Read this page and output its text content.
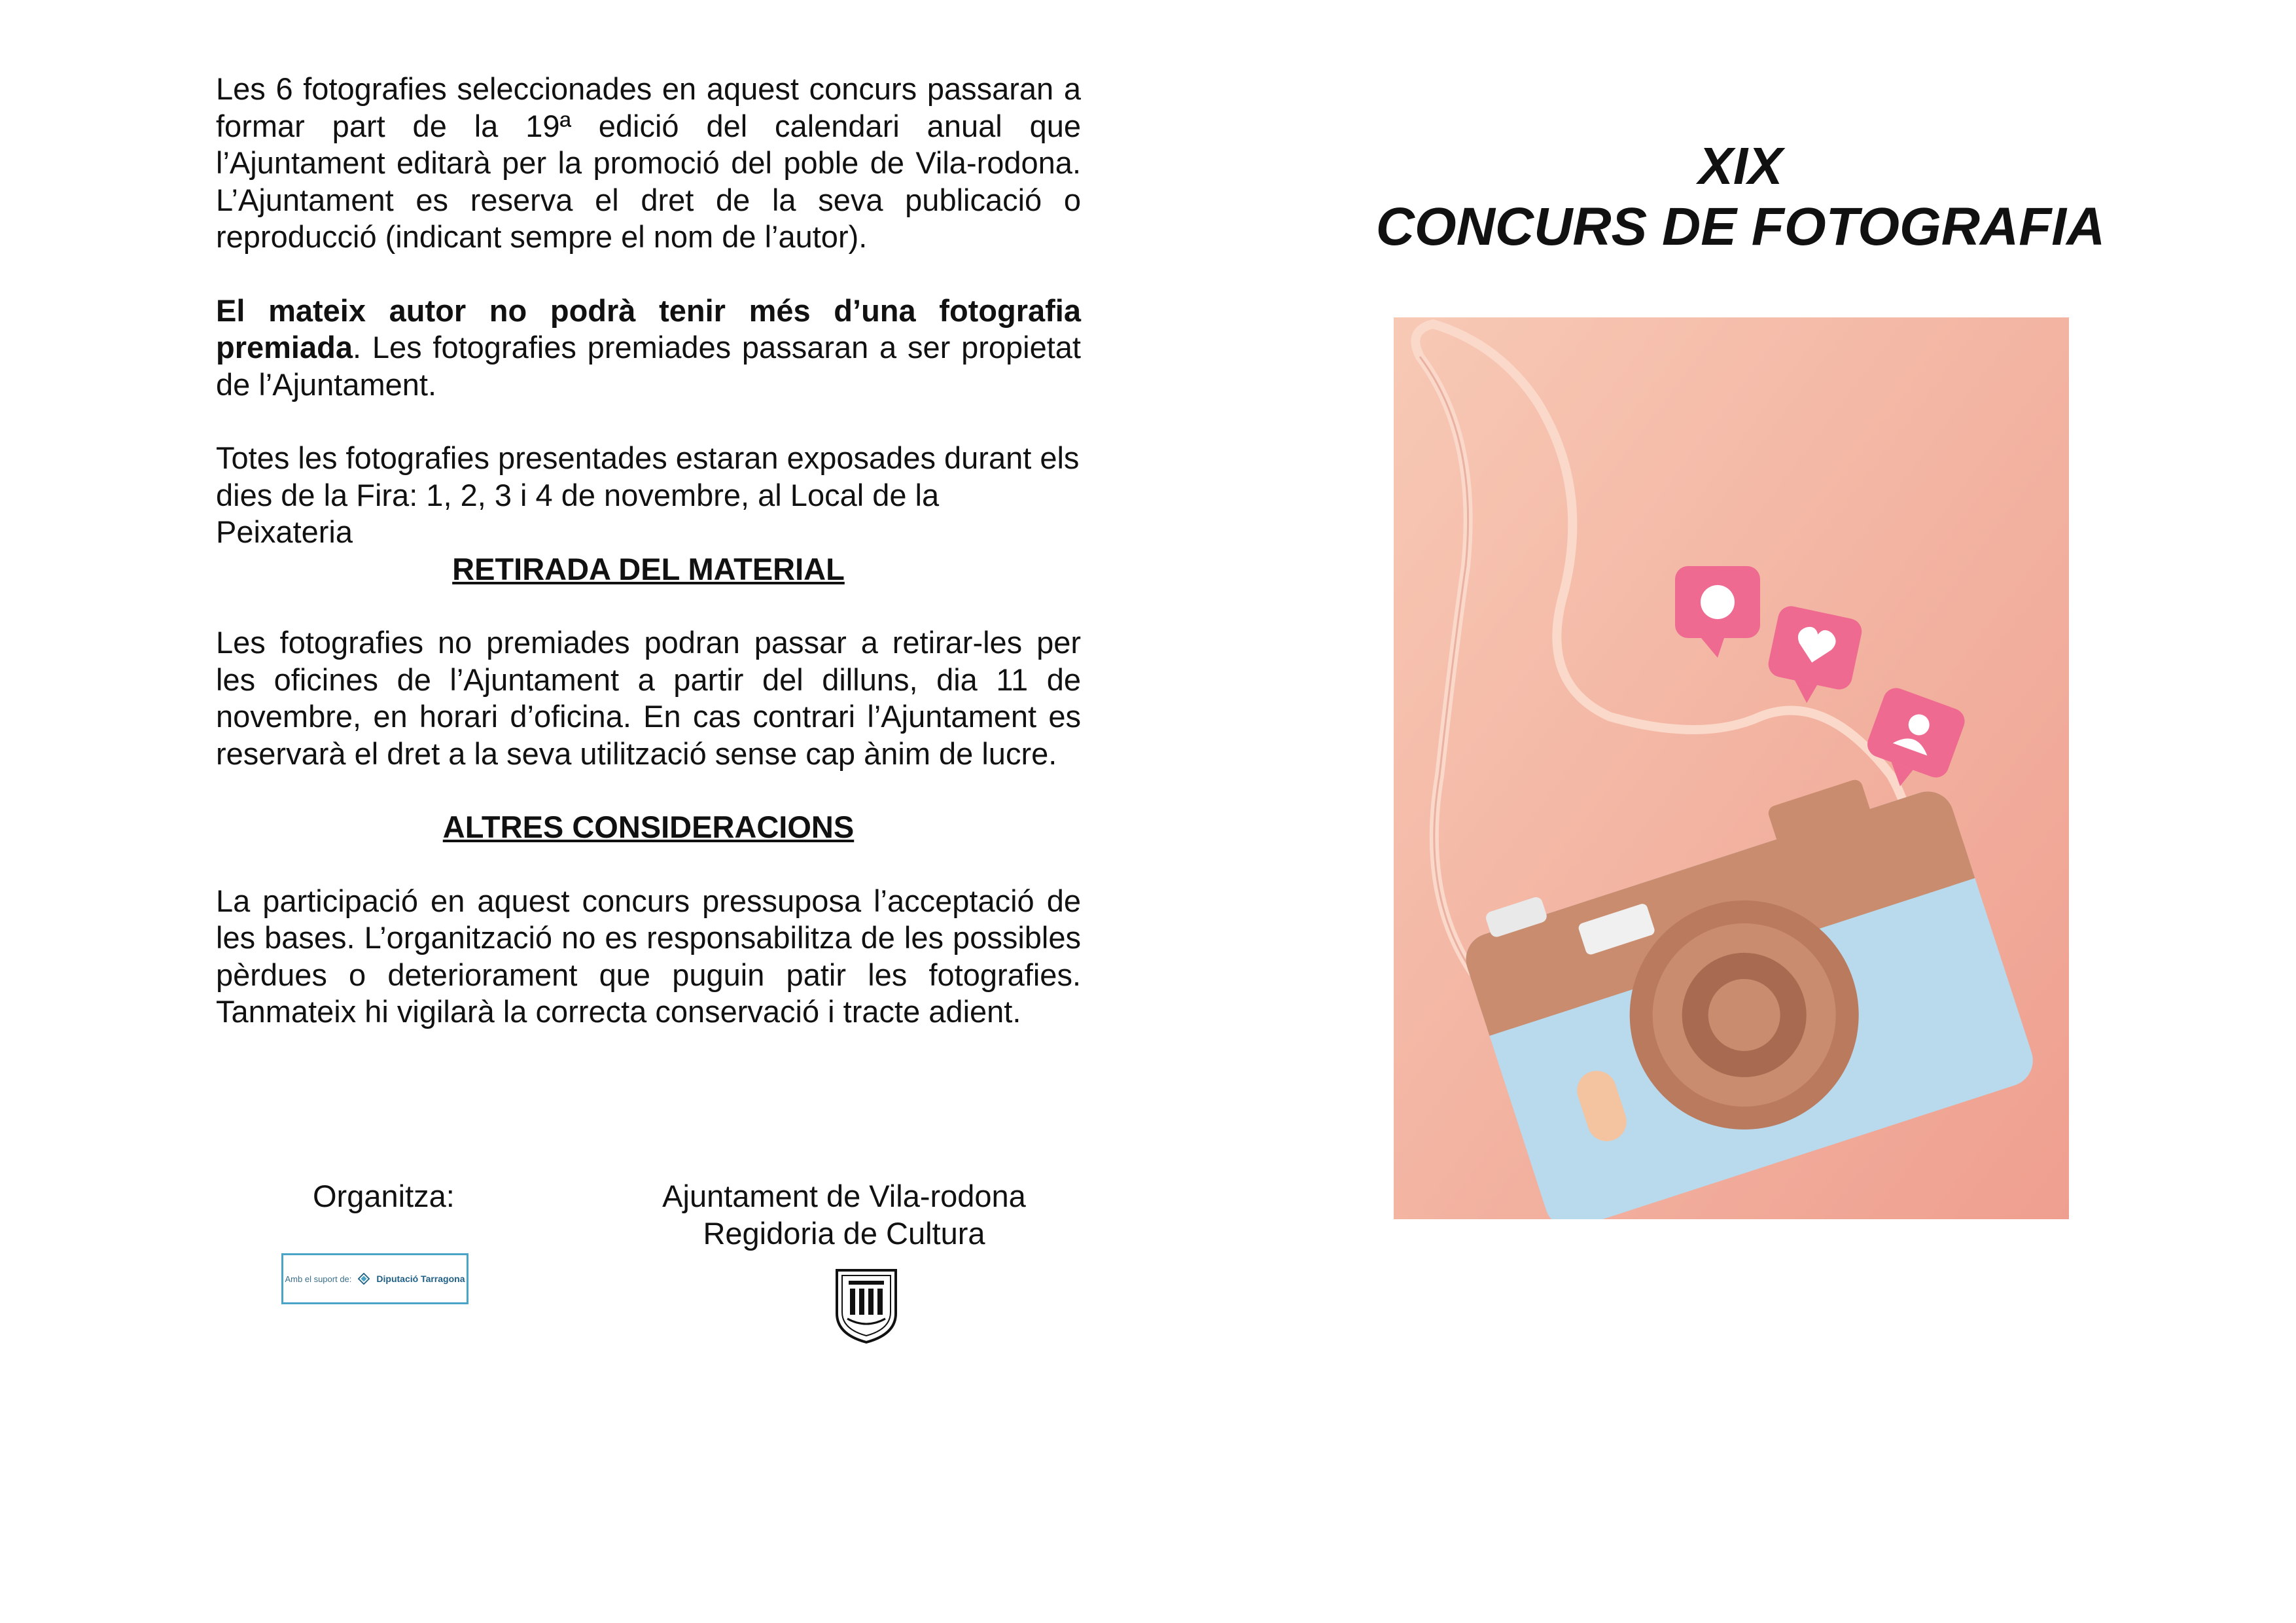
Les 6 fotografies seleccionades en aquest concurs passaran a formar part de la 19ª edició del calendari anual que l’Ajuntament editarà per la promoció del poble de Vila-rodona. L’Ajuntament es reserva el dret de la seva publicació o reproducció (indicant sempre el nom de l’autor).

El mateix autor no podrà tenir més d’una fotografia premiada. Les fotografies premiades passaran a ser propietat de l’Ajuntament.

Totes les fotografies presentades estaran exposades durant els dies de la Fira: 1, 2, 3 i 4 de novembre, al Local de la Peixateria

RETIRADA DEL MATERIAL

Les fotografies no premiades podran passar a retirar-les per les oficines de l’Ajuntament a partir del dilluns, dia 11 de novembre, en horari d’oficina. En cas contrari l’Ajuntament es reservarà el dret a la seva utilització sense cap ànim de lucre.

ALTRES CONSIDERACIONS

La participació en aquest concurs pressuposa l’acceptació de les bases. L’organització no es responsabilitza de les possibles pèrdues o deteriorament que puguin patir les fotografies. Tanmateix hi vigilarà la correcta conservació i tracte adient.

Organitza:	Ajuntament de Vila-rodona
Regidoria de Cultura
Amb el suport de:	Diputació Tarragona
XIX
CONCURS DE FOTOGRAFIA
